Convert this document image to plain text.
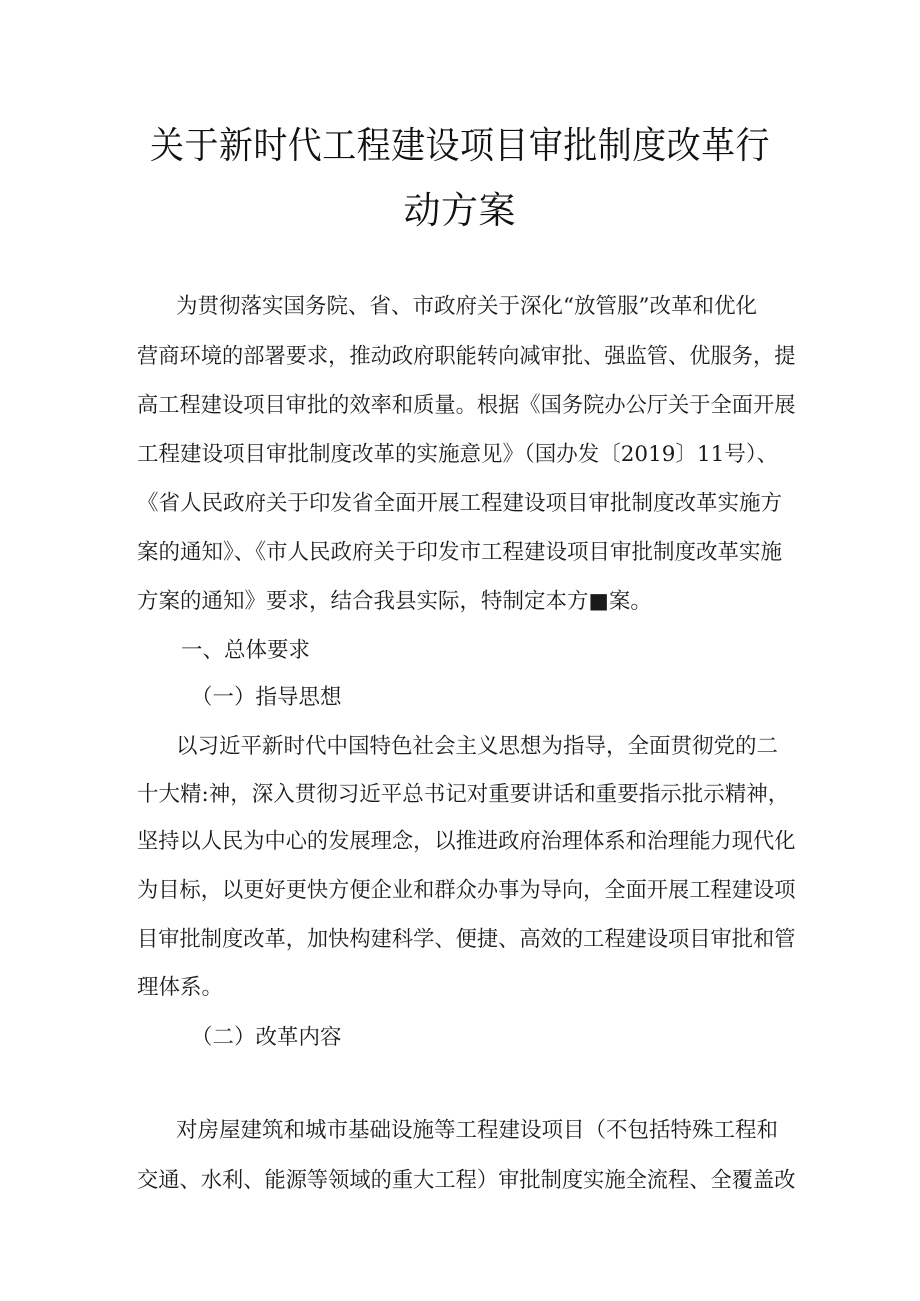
关于新时代工程建设项目审批制度改革行
动方案
为贯彻落实国务院、省、市政府关于深化“放管服”改革和优化
营商环境的部署要求，推动政府职能转向减审批、强监管、优服务，提
高工程建设项目审批的效率和质量。根据《国务院办公厅关于全面开展
工程建设项目审批制度改革的实施意见》（国办发〔2019〕11号）、
《省人民政府关于印发省全面开展工程建设项目审批制度改革实施方
案的通知》、《市人民政府关于印发市工程建设项目审批制度改革实施
方案的通知》要求，结合我县实际，特制定本方■案。
一、总体要求
（一）指导思想
以习近平新时代中国特色社会主义思想为指导，全面贯彻党的二
十大精:神，深入贯彻习近平总书记对重要讲话和重要指示批示精神，
坚持以人民为中心的发展理念，以推进政府治理体系和治理能力现代化
为目标，以更好更快方便企业和群众办事为导向，全面开展工程建设项
目审批制度改革，加快构建科学、便捷、高效的工程建设项目审批和管
理体系。
（二）改革内容
对房屋建筑和城市基础设施等工程建设项目（不包括特殊工程和
交通、水利、能源等领域的重大工程）审批制度实施全流程、全覆盖改
